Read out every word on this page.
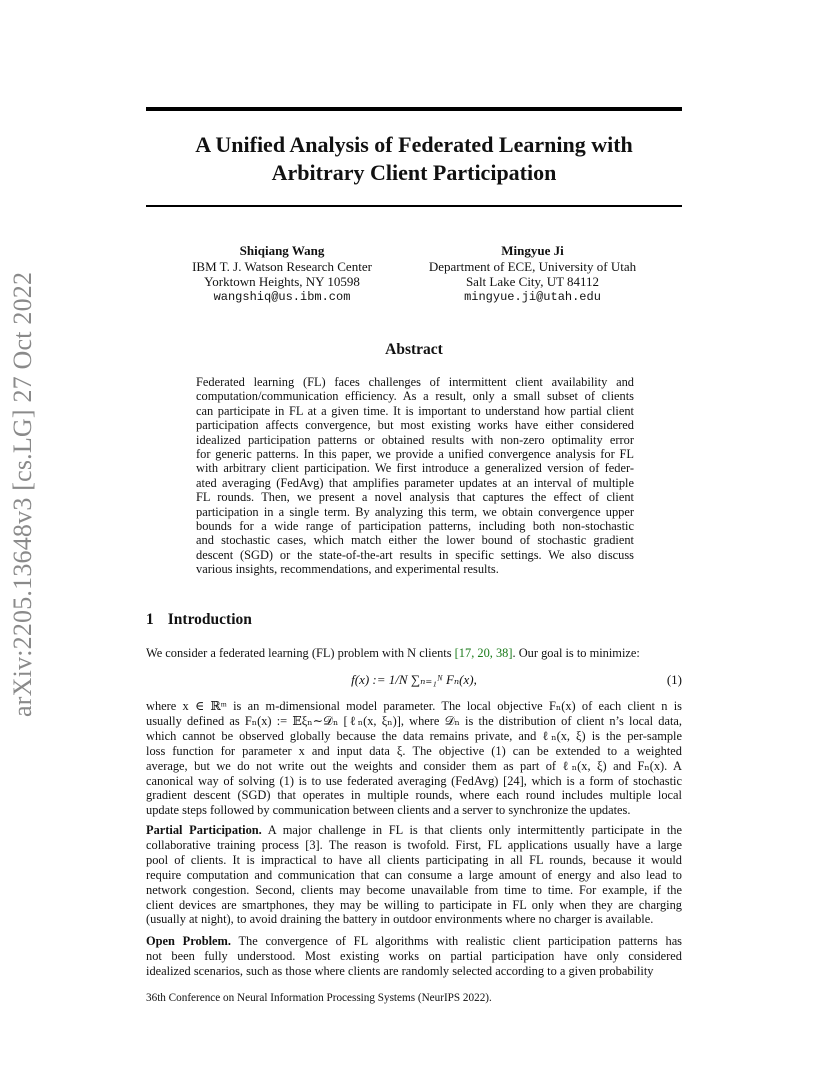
arXiv:2205.13648v3 [cs.LG] 27 Oct 2022
A Unified Analysis of Federated Learning with
Arbitrary Client Participation
Shiqiang Wang
IBM T. J. Watson Research Center
Yorktown Heights, NY 10598
wangshiq@us.ibm.com
Mingyue Ji
Department of ECE, University of Utah
Salt Lake City, UT 84112
mingyue.ji@utah.edu
Abstract
Federated learning (FL) faces challenges of intermittent client availability and
computation/communication efficiency. As a result, only a small subset of clients
can participate in FL at a given time. It is important to understand how partial client
participation affects convergence, but most existing works have either considered
idealized participation patterns or obtained results with non-zero optimality error
for generic patterns. In this paper, we provide a unified convergence analysis for FL
with arbitrary client participation. We first introduce a generalized version of feder-
ated averaging (FedAvg) that amplifies parameter updates at an interval of multiple
FL rounds. Then, we present a novel analysis that captures the effect of client
participation in a single term. By analyzing this term, we obtain convergence upper
bounds for a wide range of participation patterns, including both non-stochastic
and stochastic cases, which match either the lower bound of stochastic gradient
descent (SGD) or the state-of-the-art results in specific settings. We also discuss
various insights, recommendations, and experimental results.
1 Introduction
We consider a federated learning (FL) problem with N clients [17, 20, 38]. Our goal is to minimize:
f(x) := 1/N ∑ₙ₌₁ᴺ Fₙ(x),	(1)
where x ∈ ℝᵐ is an m-dimensional model parameter. The local objective Fₙ(x) of each client n is
usually defined as Fₙ(x) := 𝔼ξₙ∼𝒟ₙ [ℓₙ(x, ξₙ)], where 𝒟ₙ is the distribution of client n’s local data,
which cannot be observed globally because the data remains private, and ℓₙ(x, ξ) is the per-sample
loss function for parameter x and input data ξ. The objective (1) can be extended to a weighted
average, but we do not write out the weights and consider them as part of ℓₙ(x, ξ) and Fₙ(x). A
canonical way of solving (1) is to use federated averaging (FedAvg) [24], which is a form of stochastic
gradient descent (SGD) that operates in multiple rounds, where each round includes multiple local
update steps followed by communication between clients and a server to synchronize the updates.
Partial Participation. A major challenge in FL is that clients only intermittently participate in the
collaborative training process [3]. The reason is twofold. First, FL applications usually have a large
pool of clients. It is impractical to have all clients participating in all FL rounds, because it would
require computation and communication that can consume a large amount of energy and also lead to
network congestion. Second, clients may become unavailable from time to time. For example, if the
client devices are smartphones, they may be willing to participate in FL only when they are charging
(usually at night), to avoid draining the battery in outdoor environments where no charger is available.
Open Problem. The convergence of FL algorithms with realistic client participation patterns has
not been fully understood. Most existing works on partial participation have only considered
idealized scenarios, such as those where clients are randomly selected according to a given probability
36th Conference on Neural Information Processing Systems (NeurIPS 2022).
